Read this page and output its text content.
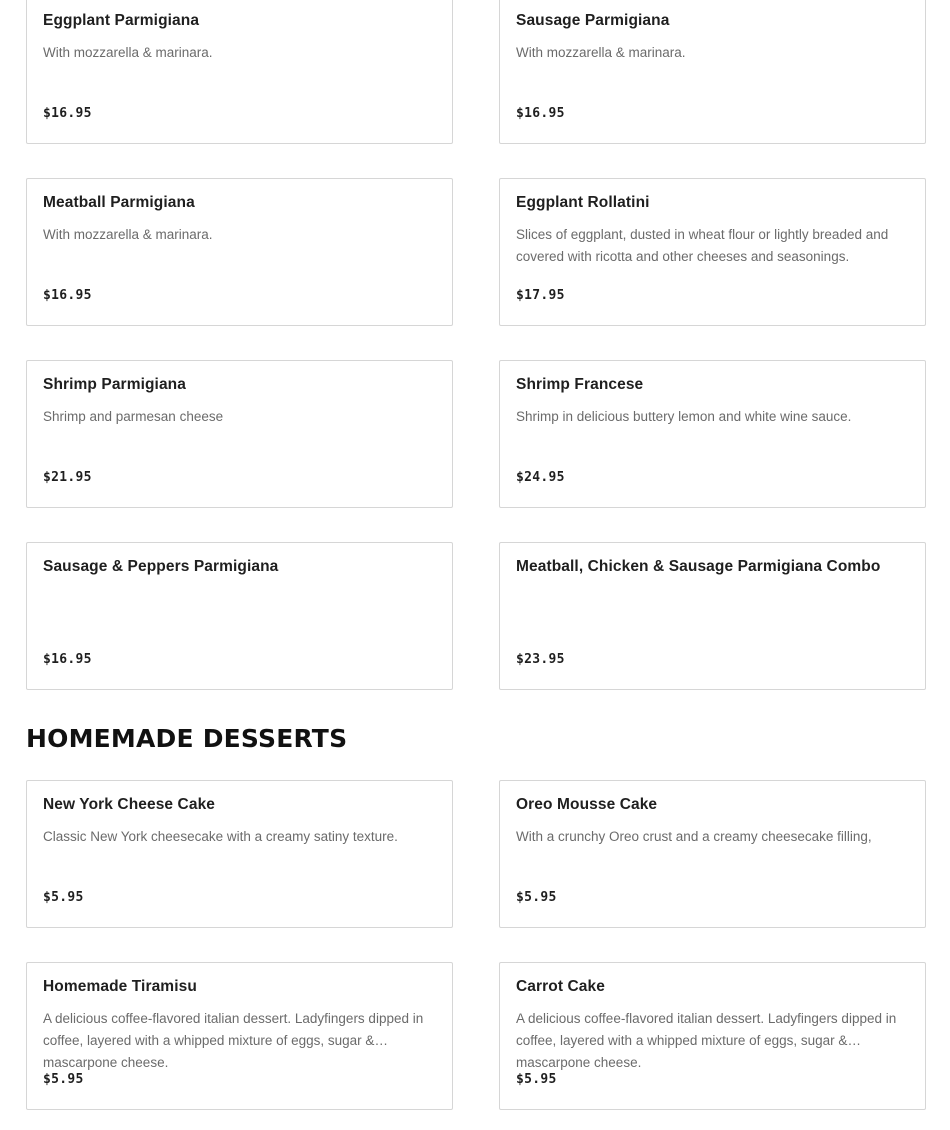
Eggplant Parmigiana
With mozzarella & marinara.
$16.95
Sausage Parmigiana
With mozzarella & marinara.
$16.95
Meatball Parmigiana
With mozzarella & marinara.
$16.95
Eggplant Rollatini
Slices of eggplant, dusted in wheat flour or lightly breaded and covered with ricotta and other cheeses and seasonings.
$17.95
Shrimp Parmigiana
Shrimp and parmesan cheese
$21.95
Shrimp Francese
Shrimp in delicious buttery lemon and white wine sauce.
$24.95
Sausage & Peppers Parmigiana
$16.95
Meatball, Chicken & Sausage Parmigiana Combo
$23.95
HOMEMADE DESSERTS
New York Cheese Cake
Classic New York cheesecake with a creamy satiny texture.
$5.95
Oreo Mousse Cake
With a crunchy Oreo crust and a creamy cheesecake filling,
$5.95
Homemade Tiramisu
A delicious coffee-flavored italian dessert. Ladyfingers dipped in coffee, layered with a whipped mixture of eggs, sugar & mascarpone cheese.
$5.95
Carrot Cake
A delicious coffee-flavored italian dessert. Ladyfingers dipped in coffee, layered with a whipped mixture of eggs, sugar & mascarpone cheese.
$5.95
